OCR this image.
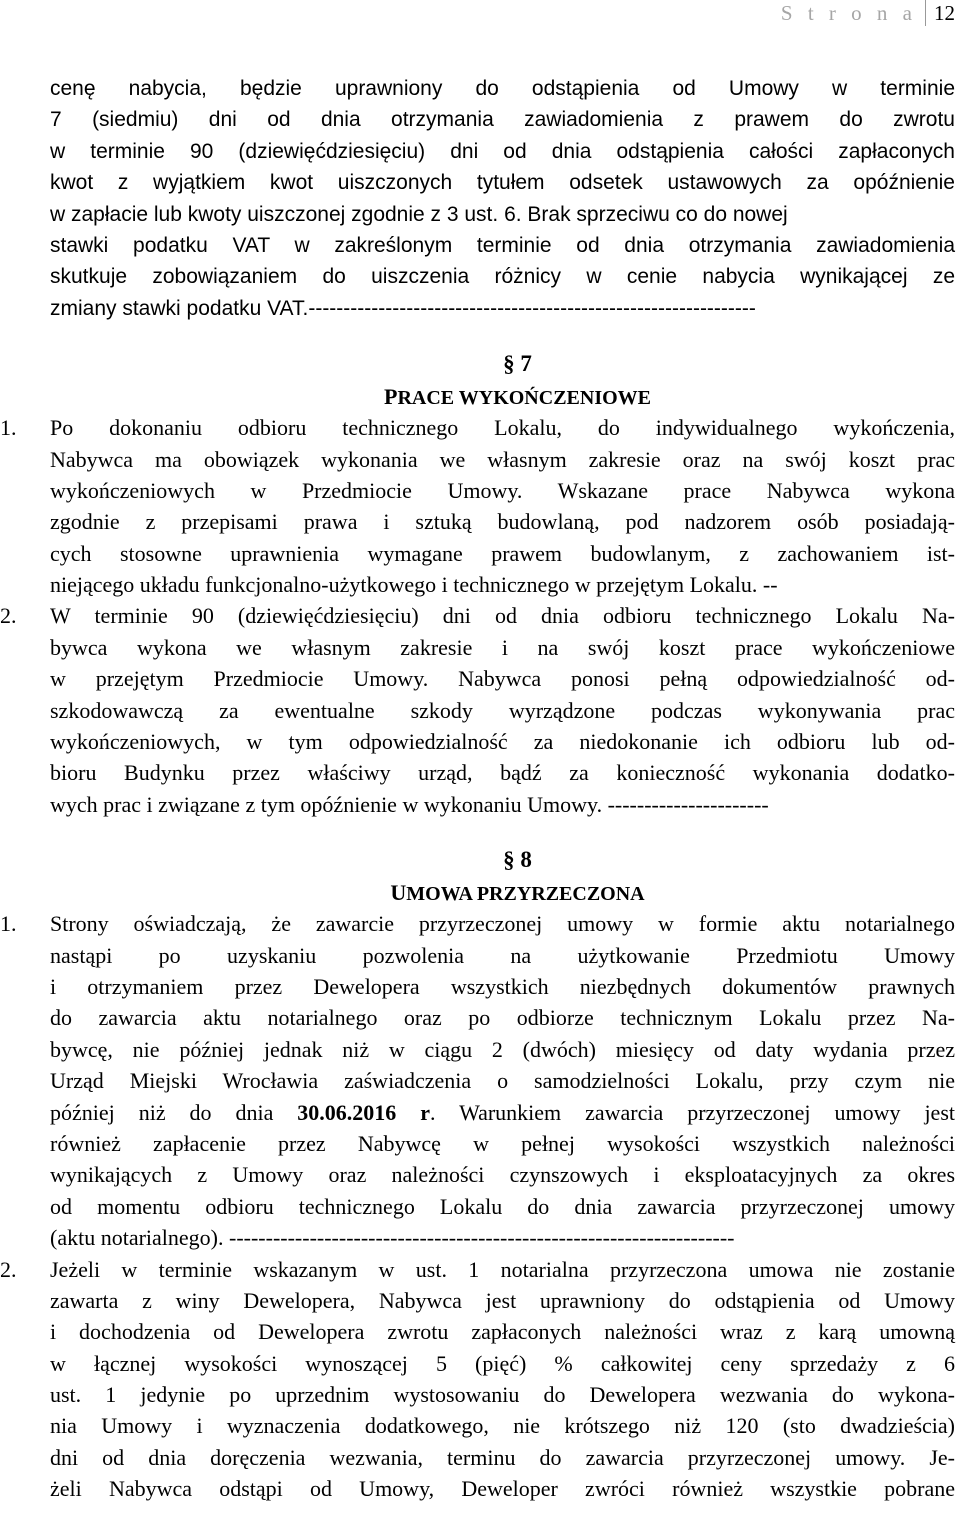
S t r o n a 12
cenę nabycia, będzie uprawniony do odstąpienia od Umowy w terminie
7 (siedmiu) dni od dnia otrzymania zawiadomienia z prawem do zwrotu
w terminie 90 (dziewięćdziesięciu) dni od dnia odstąpienia całości zapłaconych
kwot z wyjątkiem kwot uiszczonych tytułem odsetek ustawowych za opóźnienie
w zapłacie lub kwoty uiszczonej zgodnie z 3 ust. 6. Brak sprzeciwu co do nowej
stawki podatku VAT w zakreślonym terminie od dnia otrzymania zawiadomienia
skutkuje zobowiązaniem do uiszczenia różnicy w cenie nabycia wynikającej ze
zmiany stawki podatku VAT.----------------------------------------------------------------
§ 7
PRACE WYKOŃCZENIOWE
1.	Po dokonaniu odbioru technicznego Lokalu, do indywidualnego wykończenia,
Nabywca ma obowiązek wykonania we własnym zakresie oraz na swój koszt prac
wykończeniowych w Przedmiocie Umowy. Wskazane prace Nabywca wykona
zgodnie z przepisami prawa i sztuką budowlaną, pod nadzorem osób posiadają-
cych stosowne uprawnienia wymagane prawem budowlanym, z zachowaniem ist-
niejącego układu funkcjonalno-użytkowego i technicznego w przejętym Lokalu. --
2.	W terminie 90 (dziewięćdziesięciu) dni od dnia odbioru technicznego Lokalu Na-
bywca wykona we własnym zakresie i na swój koszt prace wykończeniowe
w przejętym Przedmiocie Umowy. Nabywca ponosi pełną odpowiedzialność od-
szkodowawczą za ewentualne szkody wyrządzone podczas wykonywania prac
wykończeniowych, w tym odpowiedzialność za niedokonanie ich odbioru lub od-
bioru Budynku przez właściwy urząd, bądź za konieczność wykonania dodatko-
wych prac i związane z tym opóźnienie w wykonaniu Umowy. ----------------------
§ 8
UMOWA PRZYRZECZONA
1.	Strony oświadczają, że zawarcie przyrzeczonej umowy w formie aktu notarialnego
nastąpi po uzyskaniu pozwolenia na użytkowanie Przedmiotu Umowy
i otrzymaniem przez Dewelopera wszystkich niezbędnych dokumentów prawnych
do zawarcia aktu notarialnego oraz po odbiorze technicznym Lokalu przez Na-
bywcę, nie później jednak niż w ciągu 2 (dwóch) miesięcy od daty wydania przez
Urząd Miejski Wrocławia zaświadczenia o samodzielności Lokalu, przy czym nie
później niż do dnia 30.06.2016 r. Warunkiem zawarcia przyrzeczonej umowy jest
również zapłacenie przez Nabywcę w pełnej wysokości wszystkich należności
wynikających z Umowy oraz należności czynszowych i eksploatacyjnych za okres
od momentu odbioru technicznego Lokalu do dnia zawarcia przyrzeczonej umowy
(aktu notarialnego). ---------------------------------------------------------------------
2.	Jeżeli w terminie wskazanym w ust. 1 notarialna przyrzeczona umowa nie zostanie
zawarta z winy Dewelopera, Nabywca jest uprawniony do odstąpienia od Umowy
i dochodzenia od Dewelopera zwrotu zapłaconych należności wraz z karą umowną
w łącznej wysokości wynoszącej 5 (pięć) % całkowitej ceny sprzedaży z 6
ust. 1 jedynie po uprzednim wystosowaniu do Dewelopera wezwania do wykona-
nia Umowy i wyznaczenia dodatkowego, nie krótszego niż 120 (sto dwadzieścia)
dni od dnia doręczenia wezwania, terminu do zawarcia przyrzeczonej umowy. Je-
żeli Nabywca odstąpi od Umowy, Deweloper zwróci również wszystkie pobrane
